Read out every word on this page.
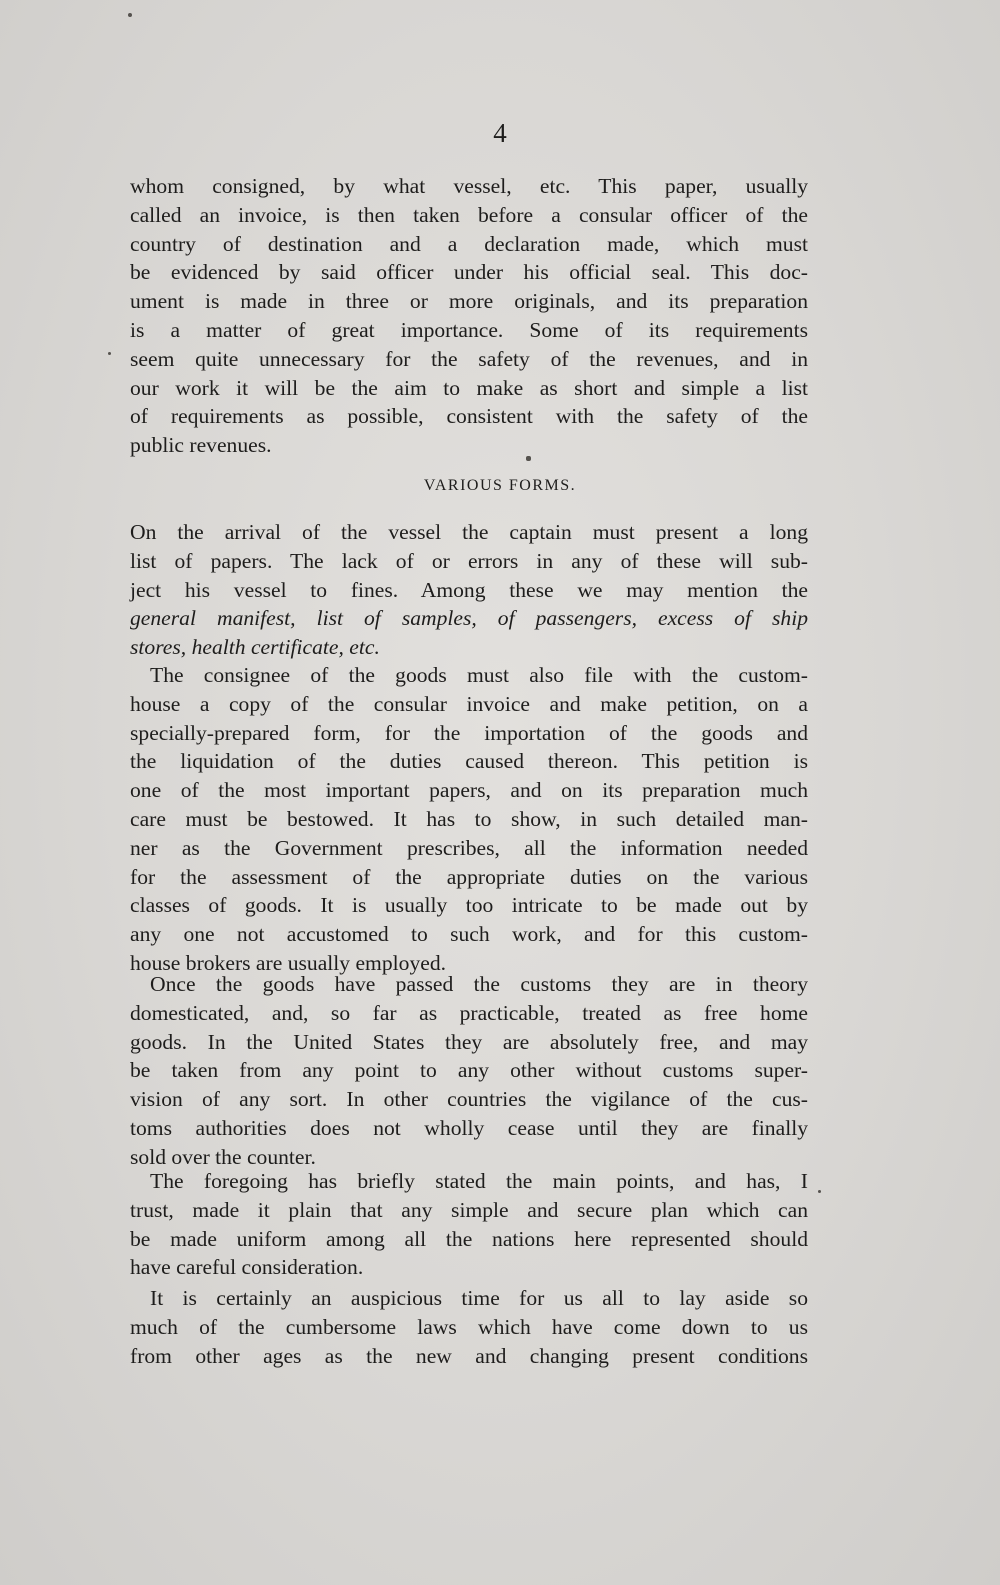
4

whom consigned, by what vessel, etc. This paper, usually
called an invoice, is then taken before a consular officer of the
country of destination and a declaration made, which must
be evidenced by said officer under his official seal. This doc-
ument is made in three or more originals, and its preparation
is a matter of great importance. Some of its requirements
seem quite unnecessary for the safety of the revenues, and in
our work it will be the aim to make as short and simple a list
of requirements as possible, consistent with the safety of the
public revenues.

VARIOUS FORMS.

On the arrival of the vessel the captain must present a long
list of papers. The lack of or errors in any of these will sub-
ject his vessel to fines. Among these we may mention the
general manifest, list of samples, of passengers, excess of ship
stores, health certificate, etc.

The consignee of the goods must also file with the custom-
house a copy of the consular invoice and make petition, on a
specially-prepared form, for the importation of the goods and
the liquidation of the duties caused thereon. This petition is
one of the most important papers, and on its preparation much
care must be bestowed. It has to show, in such detailed man-
ner as the Government prescribes, all the information needed
for the assessment of the appropriate duties on the various
classes of goods. It is usually too intricate to be made out by
any one not accustomed to such work, and for this custom-
house brokers are usually employed.

Once the goods have passed the customs they are in theory
domesticated, and, so far as practicable, treated as free home
goods. In the United States they are absolutely free, and may
be taken from any point to any other without customs super-
vision of any sort. In other countries the vigilance of the cus-
toms authorities does not wholly cease until they are finally
sold over the counter.

The foregoing has briefly stated the main points, and has, I
trust, made it plain that any simple and secure plan which can
be made uniform among all the nations here represented should
have careful consideration.

It is certainly an auspicious time for us all to lay aside so
much of the cumbersome laws which have come down to us
from other ages as the new and changing present conditions
